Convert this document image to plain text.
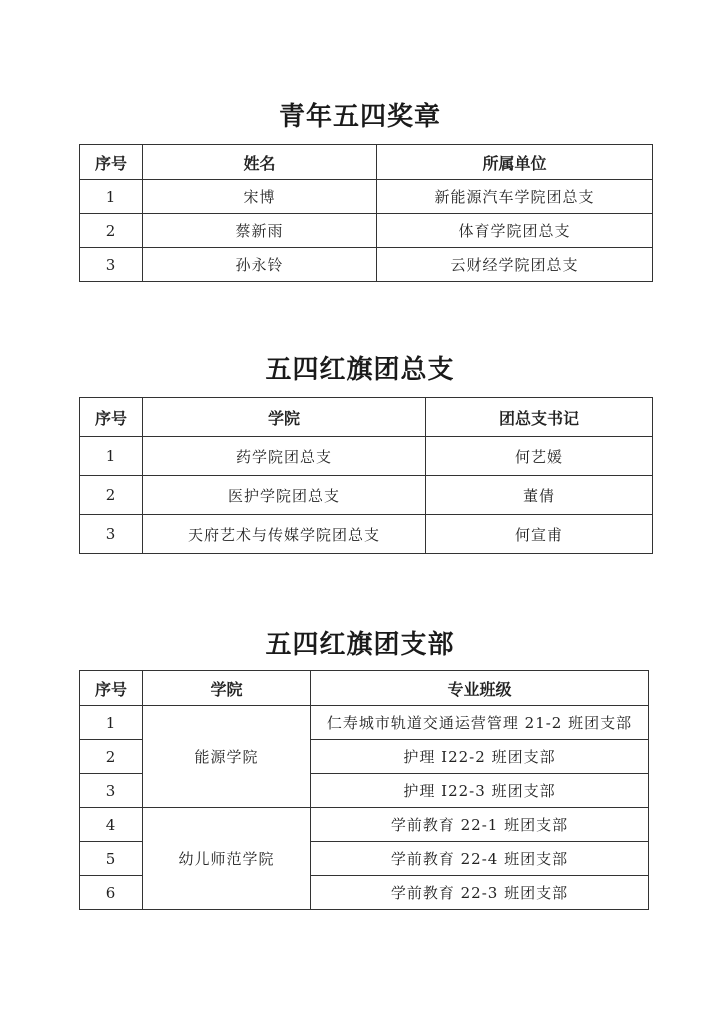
青年五四奖章
序号	姓名	所属单位
1	宋博	新能源汽车学院团总支
2	蔡新雨	体育学院团总支
3	孙永铃	云财经学院团总支
五四红旗团总支
序号	学院	团总支书记
1	药学院团总支	何艺媛
2	医护学院团总支	董倩
3	天府艺术与传媒学院团总支	何宣甫
五四红旗团支部
序号	学院	专业班级
1	能源学院	仁寿城市轨道交通运营管理 21-2 班团支部
2		护理 I22-2 班团支部
3		护理 I22-3 班团支部
4	幼儿师范学院	学前教育 22-1 班团支部
5		学前教育 22-4 班团支部
6		学前教育 22-3 班团支部
